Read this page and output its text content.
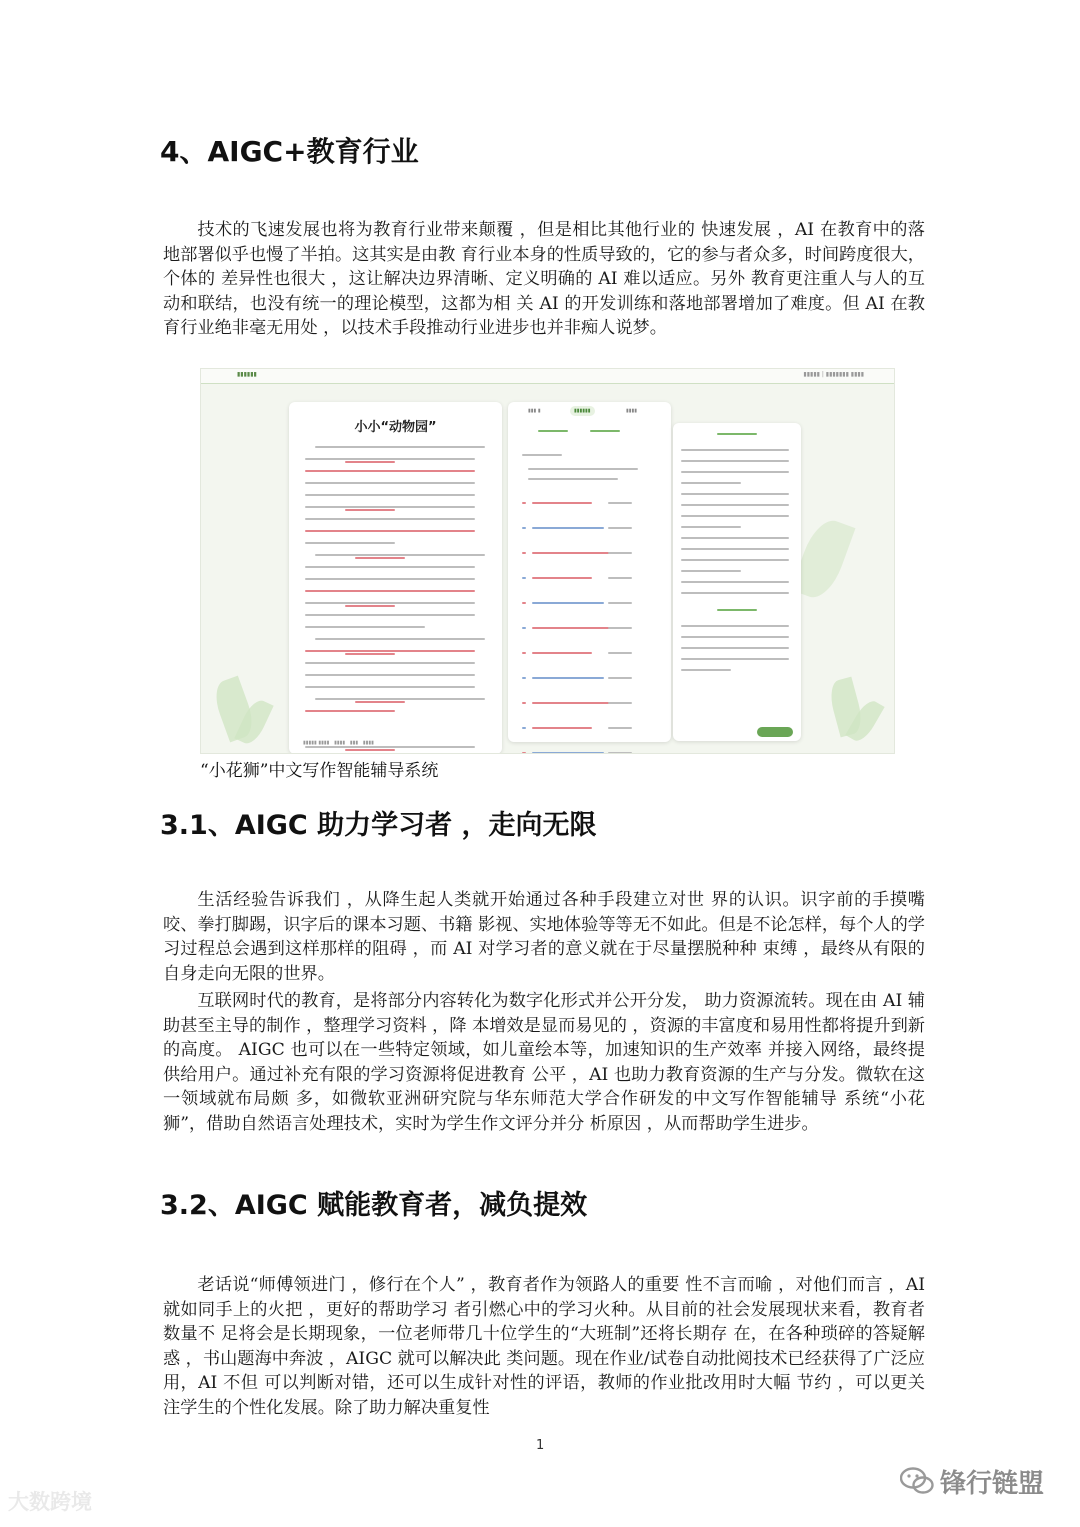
4、AIGC+教育行业

技术的飞速发展也将为教育行业带来颠覆 ，但是相比其他行业的 快速发展 ，AI 在教育中的落地部署似乎也慢了半拍。这其实是由教 育行业本身的性质导致的，它的参与者众多，时间跨度很大，个体的 差异性也很大 ，这让解决边界清晰、定义明确的 AI 难以适应。另外 教育更注重人与人的互动和联结，也没有统一的理论模型，这都为相 关 AI 的开发训练和落地部署增加了难度。但 AI 在教育行业绝非毫无用处 ，以技术手段推动行业进步也并非痴人说梦。

▮▮▮▮▮▮	▮▮▮▮▮ | ▮▮▮▮▮▮▮ ▮▮▮▮
小小“动物园”
▮▮▮▮▮ ▮▮▮▮   ▮▮▮▮   ▮▮▮   ▮▮▮▮
▮▮▮ ▮	▮▮▮▮▮▮	▮▮▮▮
“小花狮”中文写作智能辅导系统
3.1、AIGC 助力学习者 ，走向无限

生活经验告诉我们 ，从降生起人类就开始通过各种手段建立对世 界的认识。识字前的手摸嘴咬、拳打脚踢，识字后的课本习题、书籍 影视、实地体验等等无不如此。但是不论怎样，每个人的学习过程总会遇到这样那样的阻碍 ，而 AI 对学习者的意义就在于尽量摆脱种种 束缚 ，最终从有限的自身走向无限的世界。

互联网时代的教育，是将部分内容转化为数字化形式并公开分发， 助力资源流转。现在由 AI 辅助甚至主导的制作 ，整理学习资料 ，降 本增效是显而易见的 ，资源的丰富度和易用性都将提升到新的高度。 AIGC 也可以在一些特定领域，如儿童绘本等，加速知识的生产效率 并接入网络，最终提供给用户。通过补充有限的学习资源将促进教育 公平 ，AI 也助力教育资源的生产与分发。微软在这一领域就布局颇 多，如微软亚洲研究院与华东师范大学合作研发的中文写作智能辅导 系统“小花狮”，借助自然语言处理技术，实时为学生作文评分并分 析原因 ，从而帮助学生进步。

3.2、AIGC 赋能教育者，减负提效

老话说“师傅领进门 ，修行在个人” ，教育者作为领路人的重要 性不言而喻 ，对他们而言 ，AI 就如同手上的火把 ，更好的帮助学习 者引燃心中的学习火种。从目前的社会发展现状来看，教育者数量不 足将会是长期现象，一位老师带几十位学生的“大班制”还将长期存 在，在各种琐碎的答疑解惑 ，书山题海中奔波 ，AIGC 就可以解决此 类问题。现在作业/试卷自动批阅技术已经获得了广泛应用，AI 不但 可以判断对错，还可以生成针对性的评语，教师的作业批改用时大幅 节约 ，可以更关注学生的个性化发展。除了助力解决重复性

1
大数跨境
锋行链盟
